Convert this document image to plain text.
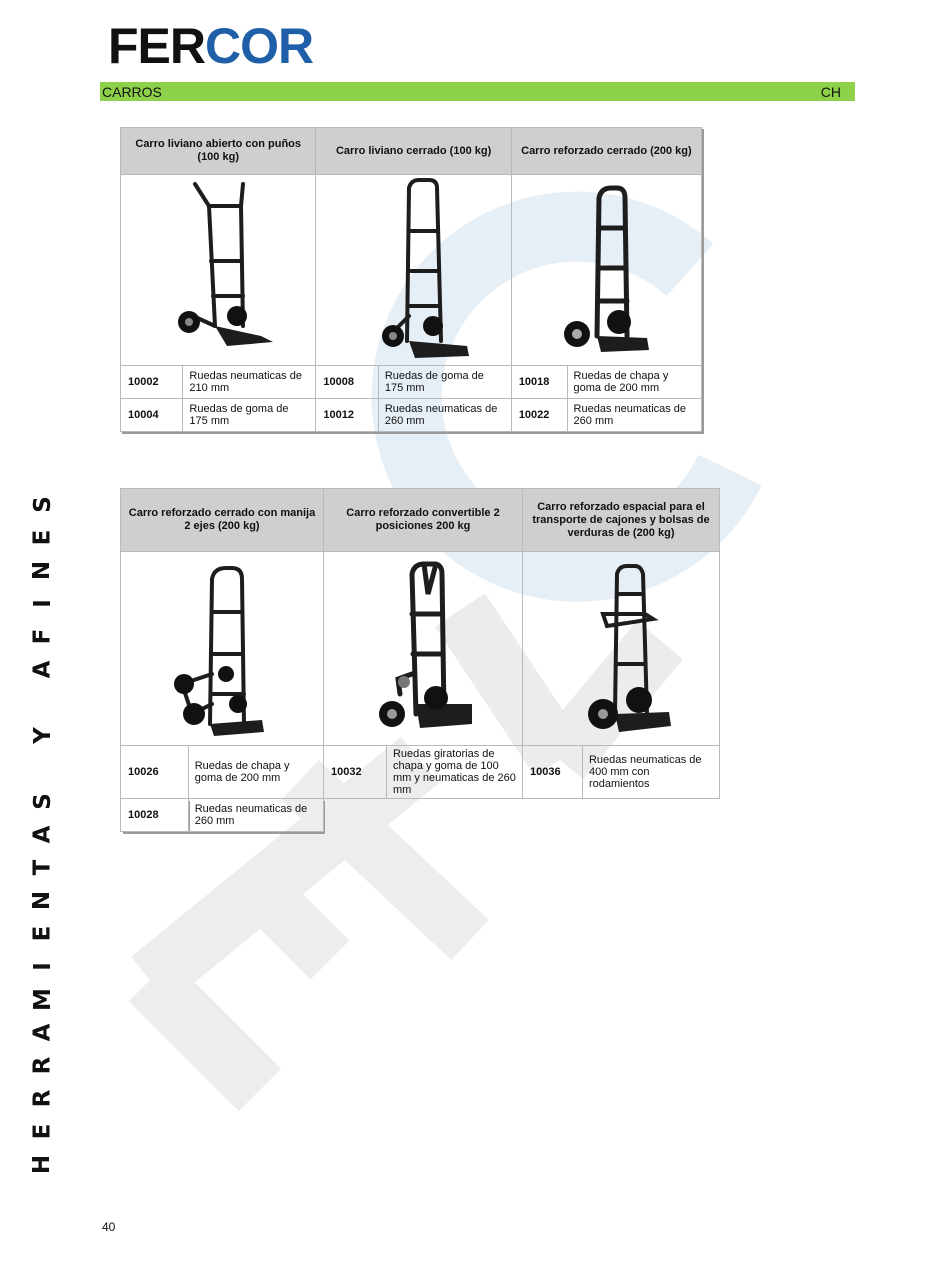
FER COR
CARROS	CH
S
E
N
I
F
A
Y
S
A
T
N
E
I
M
A
R
R
E
H
Carro liviano abierto con puños (100 kg)		Carro liviano cerrado (100 kg)		Carro reforzado cerrado (200 kg)	

10002	Ruedas neumaticas de 210 mm	10008	Ruedas de goma de 175 mm	10018	Ruedas de chapa y goma de 200 mm
10004	Ruedas de goma de 175 mm	10012	Ruedas neumaticas de 260 mm	10022	Ruedas neumaticas de 260 mm
Carro reforzado cerrado con manija 2 ejes (200 kg)		Carro reforzado convertible 2 posiciones 200 kg		Carro reforzado espacial para el transporte de cajones y bolsas de verduras de (200 kg)	

10026	Ruedas de chapa y goma de 200 mm	10032	Ruedas giratorias de chapa y goma de 100 mm y neumaticas de 260 mm	10036	Ruedas neumaticas de 400 mm con rodamientos
10028	Ruedas neumaticas de 260 mm				
40
